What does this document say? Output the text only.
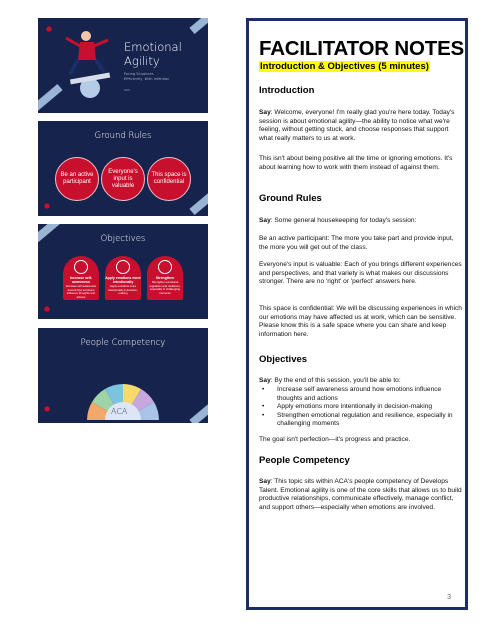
Emotional
Agility
Facing Situations
Effectively, With Intention
ACA
Ground Rules
Be an active participant
Everyone's input is valuable
This space is confidential
Objectives
Increase self-awareness
Increase self awareness around how emotions influence thoughts and actions
Apply emotions more intentionally
Apply emotions more intentionally in decision-making
Strengthen
Strengthen emotional regulation and resilience, especially in challenging moments
People Competency
ACA
FACILITATOR NOTES
Introduction & Objectives (5 minutes)
Introduction
Say: Welcome, everyone! I'm really glad you're here today. Today's session is about emotional agility—the ability to notice what we're feeling, without getting stuck, and choose responses that support what really matters to us at work.
This isn't about being positive all the time or ignoring emotions. It's about learning how to work with them instead of against them.
Ground Rules
Say: Some general housekeeping for today's session:
Be an active participant: The more you take part and provide input, the more you will get out of the class.
Everyone's input is valuable: Each of you brings different experiences and perspectives, and that variety is what makes our discussions stronger. There are no 'right' or 'perfect' answers here.
This space is confidential: We will be discussing experiences in which our emotions may have affected us at work, which can be sensitive. Please know this is a safe space where you can share and keep information here.
Objectives
Say: By the end of this session, you'll be able to:
• Increase self awareness around how emotions influence thoughts and actions
• Apply emotions more intentionally in decision-making
• Strengthen emotional regulation and resilience, especially in challenging moments
The goal isn't perfection—it's progress and practice.
People Competency
Say: This topic sits within ACA's people competency of Develops Talent. Emotional agility is one of the core skills that allows us to build productive relationships, communicate effectively, manage conflict, and support others—especially when emotions are involved.
3
